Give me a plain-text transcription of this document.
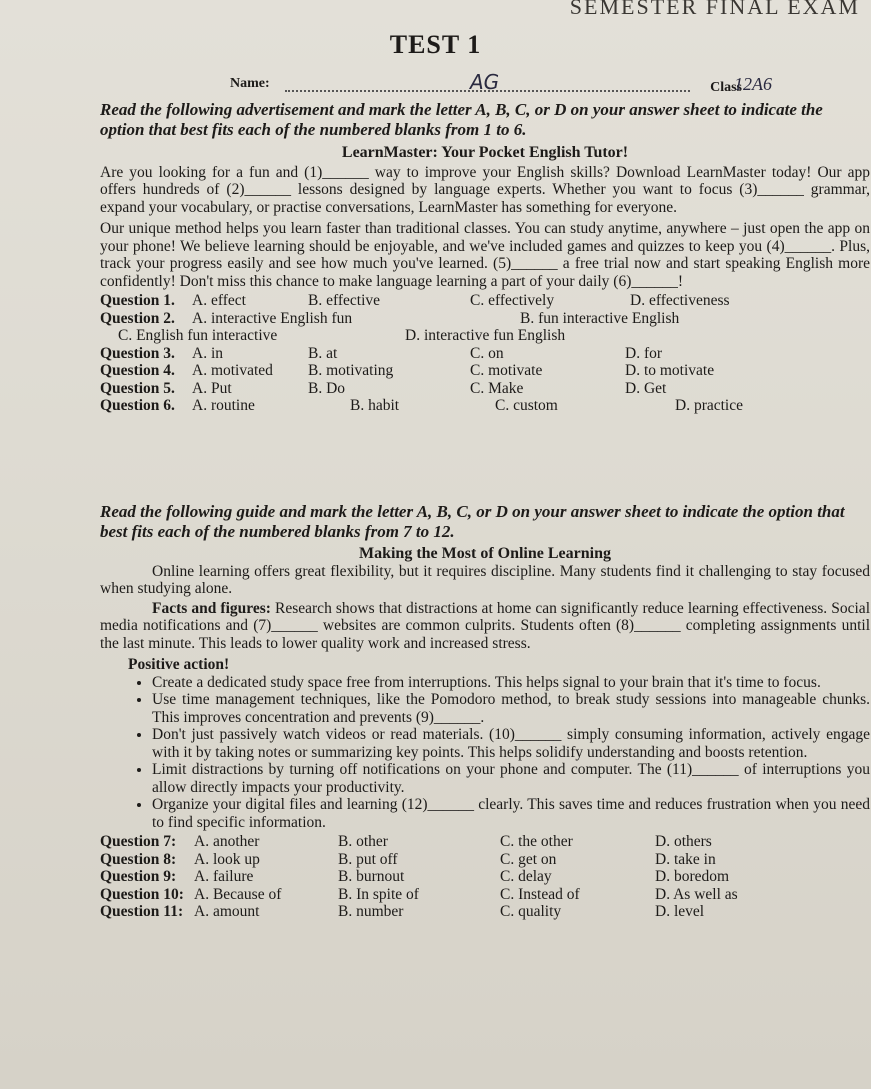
SEMESTER FINAL EXAM
TEST 1
Name:	AG	Class
12A6
Read the following advertisement and mark the letter A, B, C, or D on your answer sheet to indicate the option that best fits each of the numbered blanks from 1 to 6.
LearnMaster: Your Pocket English Tutor!
Are you looking for a fun and (1)______ way to improve your English skills? Download LearnMaster today! Our app offers hundreds of (2)______ lessons designed by language experts. Whether you want to focus (3)______ grammar, expand your vocabulary, or practise conversations, LearnMaster has something for everyone.
Our unique method helps you learn faster than traditional classes. You can study anytime, anywhere – just open the app on your phone! We believe learning should be enjoyable, and we've included games and quizzes to keep you (4)______. Plus, track your progress easily and see how much you've learned. (5)______ a free trial now and start speaking English more confidently! Don't miss this chance to make language learning a part of your daily (6)______!
Question 1. A. effect	B. effective	C. effectively	D. effectiveness
Question 2. A. interactive English fun	B. fun interactive English
C. English fun interactive	D. interactive fun English
Question 3. A. in	B. at	C. on	D. for
Question 4. A. motivated B. motivating	C. motivate	D. to motivate
Question 5. A. Put	B. Do	C. Make	D. Get
Question 6. A. routine	B. habit	C. custom	D. practice
Read the following guide and mark the letter A, B, C, or D on your answer sheet to indicate the option that best fits each of the numbered blanks from 7 to 12.
Making the Most of Online Learning
Online learning offers great flexibility, but it requires discipline. Many students find it challenging to stay focused when studying alone.
Facts and figures: Research shows that distractions at home can significantly reduce learning effectiveness. Social media notifications and (7)______ websites are common culprits. Students often (8)______ completing assignments until the last minute. This leads to lower quality work and increased stress.
Positive action!
• Create a dedicated study space free from interruptions. This helps signal to your brain that it's time to focus.
• Use time management techniques, like the Pomodoro method, to break study sessions into manageable chunks. This improves concentration and prevents (9)______.
• Don't just passively watch videos or read materials. (10)______ simply consuming information, actively engage with it by taking notes or summarizing key points. This helps solidify understanding and boosts retention.
• Limit distractions by turning off notifications on your phone and computer. The (11)______ of interruptions you allow directly impacts your productivity.
• Organize your digital files and learning (12)______ clearly. This saves time and reduces frustration when you need to find specific information.
Question 7: A. another	B. other	C. the other	D. others
Question 8: A. look up	B. put off	C. get on	D. take in
Question 9: A. failure	B. burnout	C. delay	D. boredom
Question 10: A. Because of	B. In spite of	C. Instead of	D. As well as
Question 11: A. amount	B. number	C. quality	D. level
